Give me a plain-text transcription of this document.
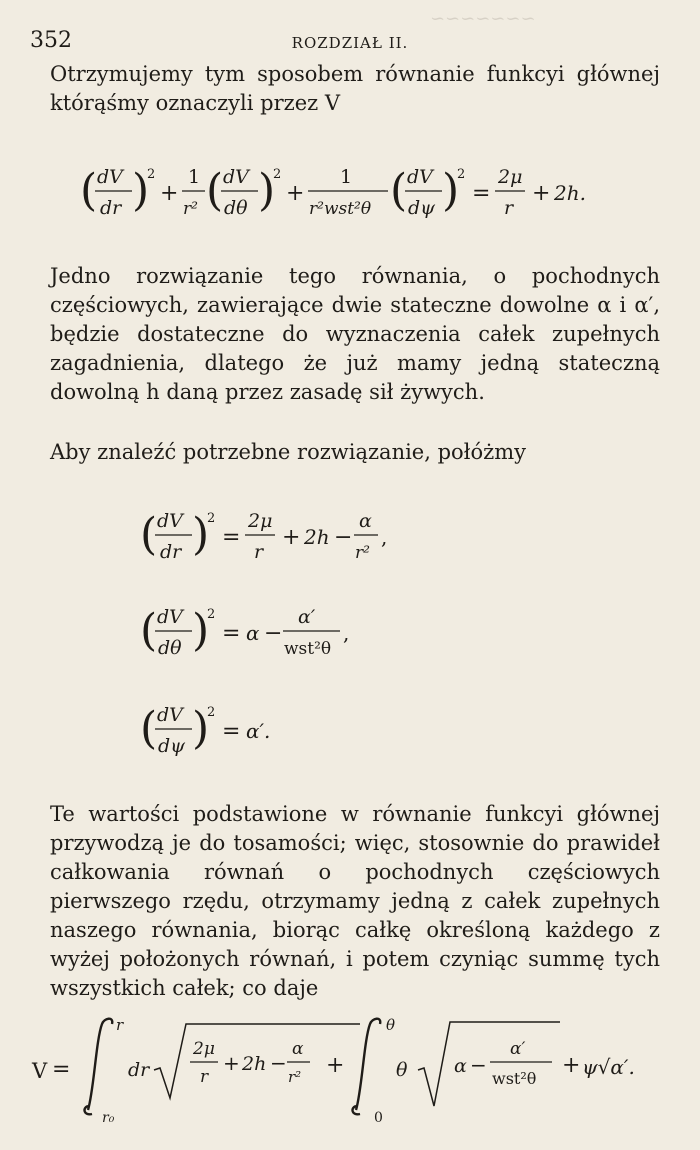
352	ROZDZIAŁ II.
~~~~~~~

Otrzymujemy tym sposobem równanie funkcyi głównej którąśmy oznaczyli przez V

( dV
dr )
2
+
1
r² ( dV
dθ )
2
+
1
r²wst²θ ( dV
dψ )
2
=
2μ
r
+ 2h.

Jedno rozwiązanie tego równania, o pochodnych częściowych, zawierające dwie stateczne dowolne α i α′, będzie dostateczne do wyznaczenia całek zupełnych zagadnienia, dlatego że już mamy jedną stateczną dowolną h daną przez zasadę sił żywych.

Aby znaleźć potrzebne rozwiązanie, połóżmy

( dV
dr )
2
=
2μ
r
+ 2h −
α
r²
,
( dV
dθ )
2
= α −
α′
wst²θ
,
( dV
dψ )
2
= α′.

Te wartości podstawione w równanie funkcyi głównej przywodzą je do tosamości; więc, stosownie do prawideł całkowania równań o pochodnych częściowych pierwszego rzędu, otrzymamy jedną z całek zupełnych naszego równania, biorąc całkę określoną każdego z wyżej położonych równań, i potem czyniąc summę tych wszystkich całek; co daje

V =
r
r₀
dr
2μ
r
+ 2h −
α
r² +
θ
0
θ α −
α′
wst²θ
+ ψ√α′.
